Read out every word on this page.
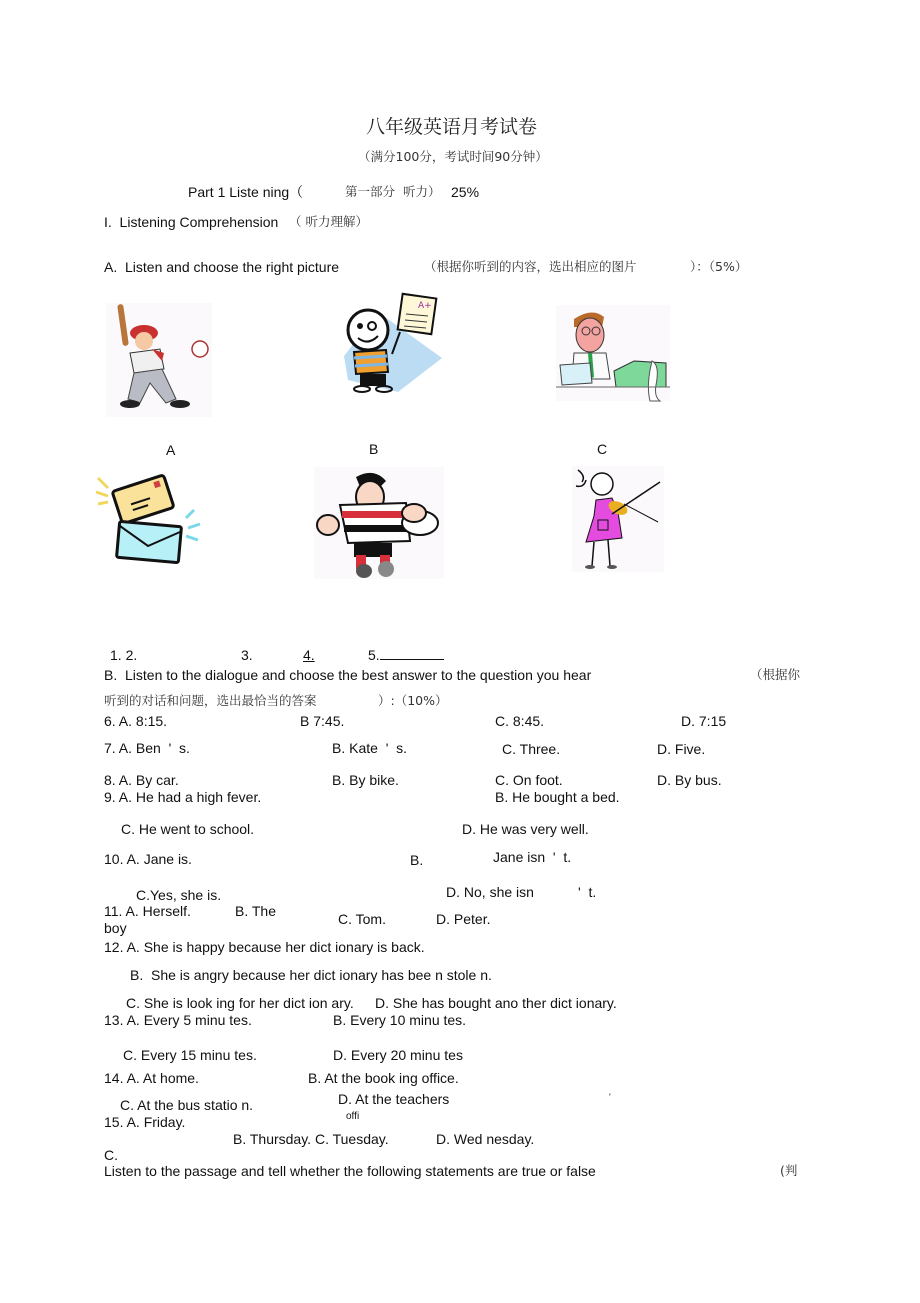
八年级英语月考试卷
（满分100分，考试时间90分钟）
Part 1 Liste ning（	第一部分  听力） 25%
I.  Listening Comprehension （ 听力理解）
A.  Listen and choose the right picture	（根据你听到的内容，选出相应的图片	）：（5%）
A
A+
B	C
1. 2.	3.	4.	5.
B.  Listen to the dialogue and choose the best answer to the question you hear	（根据你
听到的对话和问题，选出最恰当的答案	）:（10%）
6. A. 8:15.	B 7:45.	C. 8:45.	D. 7:15
7. A. Ben  '  s.	B. Kate  '  s.	C. Three.	D. Five.
8. A. By car.	B. By bike.	C. On foot.	D. By bus.
9. A. He had a high fever.	B. He bought a bed.
C. He went to school.	D. He was very well.
10. A. Jane is.	B.	Jane isn  '  t.
C.Yes, she is.	D. No, she isn	'  t.
11. A. Herself.	B. The
boy
C. Tom.	D. Peter.
12. A. She is happy because her dict ionary is back.
B.  She is angry because her dict ionary has bee n stole n.
C. She is look ing for her dict ion ary. D. She has bought ano ther dict ionary.
13. A. Every 5 minu tes.	B. Every 10 minu tes.
C. Every 15 minu tes.	D. Every 20 minu tes
14. A. At home.	B. At the book ing office.
C. At the bus statio n.	D. At the teachers	'
offi
15. A. Friday.
B. Thursday. C. Tuesday.	D. Wed nesday.
C.
Listen to the passage and tell whether the following statements are true or false	(判
